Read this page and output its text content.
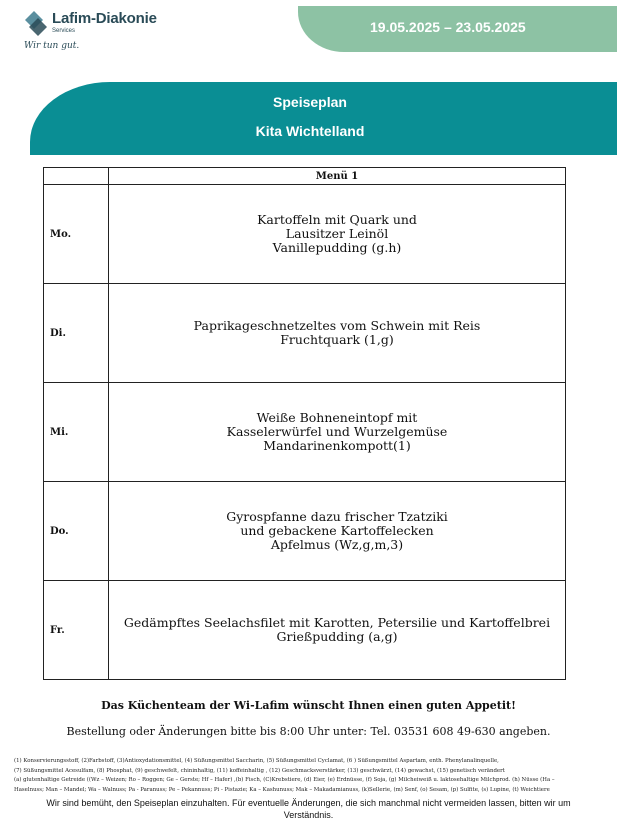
Lafim-Diakonie
Services
Wir tun gut.
19.05.2025 – 23.05.2025
Speiseplan
Kita Wichtelland
	Menü 1
Mo.	Kartoffeln mit Quark und
Lausitzer Leinöl
Vanillepudding (g.h)

Di.	Paprikageschnetzeltes vom Schwein mit Reis
Fruchtquark (1,g)

Mi.	Weiße Bohneneintopf mit
Kasselerwürfel und Wurzelgemüse
Mandarinenkompott(1)

Do.	Gyrospfanne dazu frischer Tzatziki
und gebackene Kartoffelecken
Apfelmus (Wz,g,m,3)

Fr.	Gedämpftes Seelachsfilet mit Karotten, Petersilie und Kartoffelbrei
Grießpudding (a,g)
Das Küchenteam der Wi-Lafim wünscht Ihnen einen guten Appetit!
Bestellung oder Änderungen bitte bis 8:00 Uhr unter: Tel. 03531 608 49-630 angeben.
(1) Konservierungsstoff, (2)Farbstoff, (3)Antioxydationsmittel, (4) Süßungsmittel Saccharin, (5) Süßungsmittel Cyclamat, (6 ) Süßungsmittel Aspartam, enth. Phenylanalinquelle,
(7) Süßungsmittel Acesulfam, (8) Phosphat, (9) geschwefelt, chininhaltig, (11) koffeinhaltig , (12) Geschmacksverstärker, (13) geschwärzt, (14) gewachst, (15) genetisch verändert
(a) glutenhaltige Getreide ((Wz – Weizen; Ro – Roggen; Ge – Gerste; Hf – Hafer) ,(b) Fisch, (C)Krebstiere, (d) Eier, (e) Erdnüsse, (f) Soja, (g) Milcheiweiß u. laktosehaltige Milchprod. (h) Nüsse (Ha –
Haselnuss; Man – Mandel; Wa – Walnuss; Pa - Paranuss; Pe – Pekannuss; Pi - Pistazie; Ka – Kashunuss; Mak – Makadamianuss, (k)Sellerie, (m) Senf, (o) Sesam, (p) Sulfite, (s) Lupine, (t) Weichtiere
Wir sind bemüht, den Speiseplan einzuhalten. Für eventuelle Änderungen, die sich manchmal nicht vermeiden lassen, bitten wir um
Verständnis.
